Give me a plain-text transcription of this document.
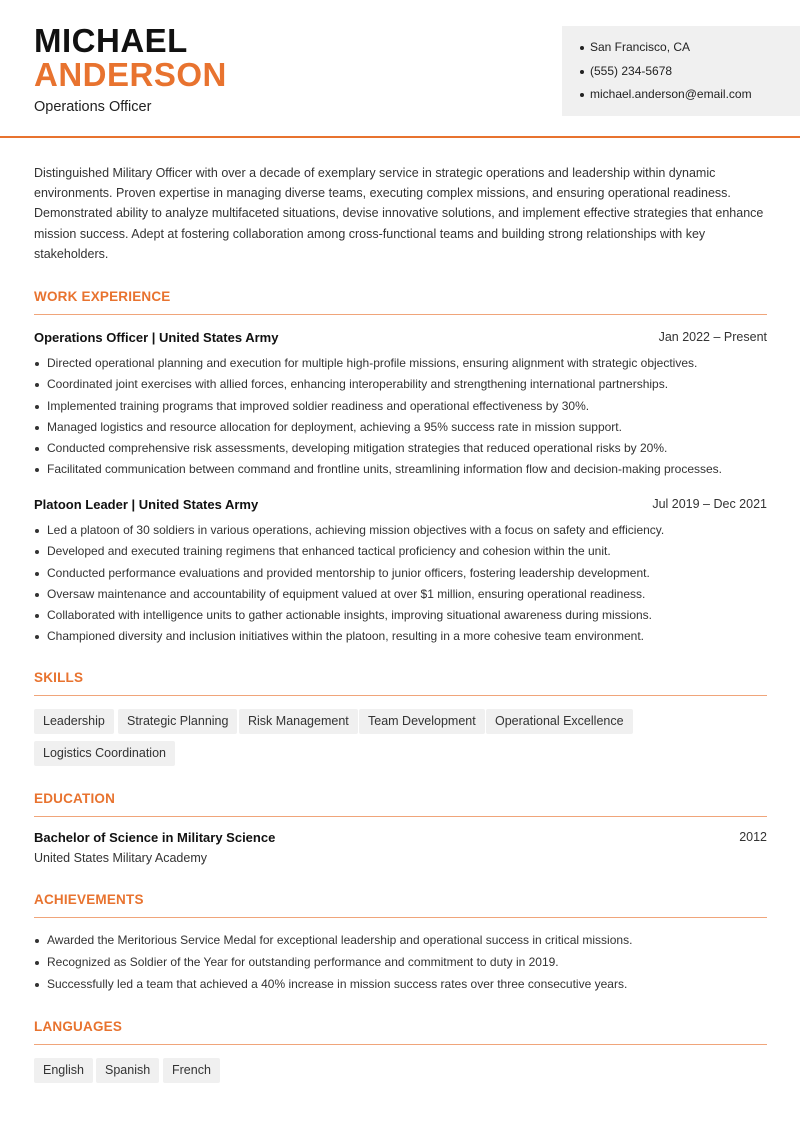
MICHAEL
ANDERSON
Operations Officer
San Francisco, CA
(555) 234-5678
michael.anderson@email.com

Distinguished Military Officer with over a decade of exemplary service in strategic operations and leadership within dynamic environments. Proven expertise in managing diverse teams, executing complex missions, and ensuring operational readiness. Demonstrated ability to analyze multifaceted situations, devise innovative solutions, and implement effective strategies that enhance mission success. Adept at fostering collaboration among cross-functional teams and building strong relationships with key stakeholders.

WORK EXPERIENCE
Operations Officer | United States Army	Jan 2022 – Present
Directed operational planning and execution for multiple high-profile missions, ensuring alignment with strategic objectives.
Coordinated joint exercises with allied forces, enhancing interoperability and strengthening international partnerships.
Implemented training programs that improved soldier readiness and operational effectiveness by 30%.
Managed logistics and resource allocation for deployment, achieving a 95% success rate in mission support.
Conducted comprehensive risk assessments, developing mitigation strategies that reduced operational risks by 20%.
Facilitated communication between command and frontline units, streamlining information flow and decision-making processes.
Platoon Leader | United States Army	Jul 2019 – Dec 2021
Led a platoon of 30 soldiers in various operations, achieving mission objectives with a focus on safety and efficiency.
Developed and executed training regimens that enhanced tactical proficiency and cohesion within the unit.
Conducted performance evaluations and provided mentorship to junior officers, fostering leadership development.
Oversaw maintenance and accountability of equipment valued at over $1 million, ensuring operational readiness.
Collaborated with intelligence units to gather actionable insights, improving situational awareness during missions.
Championed diversity and inclusion initiatives within the platoon, resulting in a more cohesive team environment.
SKILLS
Leadership	Strategic Planning	Risk Management	Team Development	Operational Excellence
Logistics Coordination
EDUCATION
Bachelor of Science in Military Science	2012
United States Military Academy
ACHIEVEMENTS
Awarded the Meritorious Service Medal for exceptional leadership and operational success in critical missions.
Recognized as Soldier of the Year for outstanding performance and commitment to duty in 2019.
Successfully led a team that achieved a 40% increase in mission success rates over three consecutive years.
LANGUAGES
English	Spanish	French
